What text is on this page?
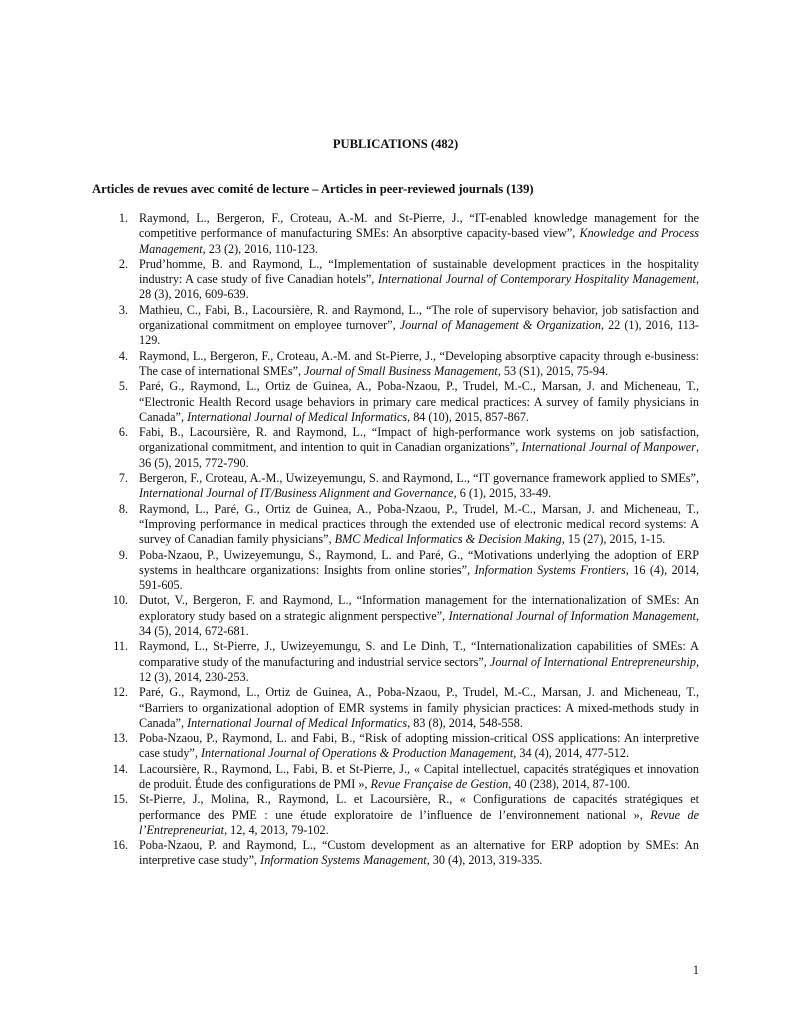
PUBLICATIONS (482)
Articles de revues avec comité de lecture – Articles in peer-reviewed journals (139)
1. Raymond, L., Bergeron, F., Croteau, A.-M. and St-Pierre, J., “IT-enabled knowledge management for the competitive performance of manufacturing SMEs: An absorptive capacity-based view”, Knowledge and Process Management, 23 (2), 2016, 110-123.
2. Prud’homme, B. and Raymond, L., “Implementation of sustainable development practices in the hospitality industry: A case study of five Canadian hotels”, International Journal of Contemporary Hospitality Management, 28 (3), 2016, 609-639.
3. Mathieu, C., Fabi, B., Lacoursière, R. and Raymond, L., “The role of supervisory behavior, job satisfaction and organizational commitment on employee turnover”, Journal of Management & Organization, 22 (1), 2016, 113-129.
4. Raymond, L., Bergeron, F., Croteau, A.-M. and St-Pierre, J., “Developing absorptive capacity through e-business: The case of international SMEs”, Journal of Small Business Management, 53 (S1), 2015, 75-94.
5. Paré, G., Raymond, L., Ortiz de Guinea, A., Poba-Nzaou, P., Trudel, M.-C., Marsan, J. and Micheneau, T., “Electronic Health Record usage behaviors in primary care medical practices: A survey of family physicians in Canada”, International Journal of Medical Informatics, 84 (10), 2015, 857-867.
6. Fabi, B., Lacoursière, R. and Raymond, L., “Impact of high-performance work systems on job satisfaction, organizational commitment, and intention to quit in Canadian organizations”, International Journal of Manpower, 36 (5), 2015, 772-790.
7. Bergeron, F., Croteau, A.-M., Uwizeyemungu, S. and Raymond, L., “IT governance framework applied to SMEs”, International Journal of IT/Business Alignment and Governance, 6 (1), 2015, 33-49.
8. Raymond, L., Paré, G., Ortiz de Guinea, A., Poba-Nzaou, P., Trudel, M.-C., Marsan, J. and Micheneau, T., “Improving performance in medical practices through the extended use of electronic medical record systems: A survey of Canadian family physicians”, BMC Medical Informatics & Decision Making, 15 (27), 2015, 1-15.
9. Poba-Nzaou, P., Uwizeyemungu, S., Raymond, L. and Paré, G., “Motivations underlying the adoption of ERP systems in healthcare organizations: Insights from online stories”, Information Systems Frontiers, 16 (4), 2014, 591-605.
10. Dutot, V., Bergeron, F. and Raymond, L., “Information management for the internationalization of SMEs: An exploratory study based on a strategic alignment perspective”, International Journal of Information Management, 34 (5), 2014, 672-681.
11. Raymond, L., St-Pierre, J., Uwizeyemungu, S. and Le Dinh, T., “Internationalization capabilities of SMEs: A comparative study of the manufacturing and industrial service sectors”, Journal of International Entrepreneurship, 12 (3), 2014, 230-253.
12. Paré, G., Raymond, L., Ortiz de Guinea, A., Poba-Nzaou, P., Trudel, M.-C., Marsan, J. and Micheneau, T., “Barriers to organizational adoption of EMR systems in family physician practices: A mixed-methods study in Canada”, International Journal of Medical Informatics, 83 (8), 2014, 548-558.
13. Poba-Nzaou, P., Raymond, L. and Fabi, B., “Risk of adopting mission-critical OSS applications: An interpretive case study”, International Journal of Operations & Production Management, 34 (4), 2014, 477-512.
14. Lacoursière, R., Raymond, L., Fabi, B. et St-Pierre, J., « Capital intellectuel, capacités stratégiques et innovation de produit. Étude des configurations de PMI », Revue Française de Gestion, 40 (238), 2014, 87-100.
15. St-Pierre, J., Molina, R., Raymond, L. et Lacoursière, R., « Configurations de capacités stratégiques et performance des PME : une étude exploratoire de l’influence de l’environnement national », Revue de l’Entrepreneuriat, 12, 4, 2013, 79-102.
16. Poba-Nzaou, P. and Raymond, L., “Custom development as an alternative for ERP adoption by SMEs: An interpretive case study”, Information Systems Management, 30 (4), 2013, 319-335.
1
